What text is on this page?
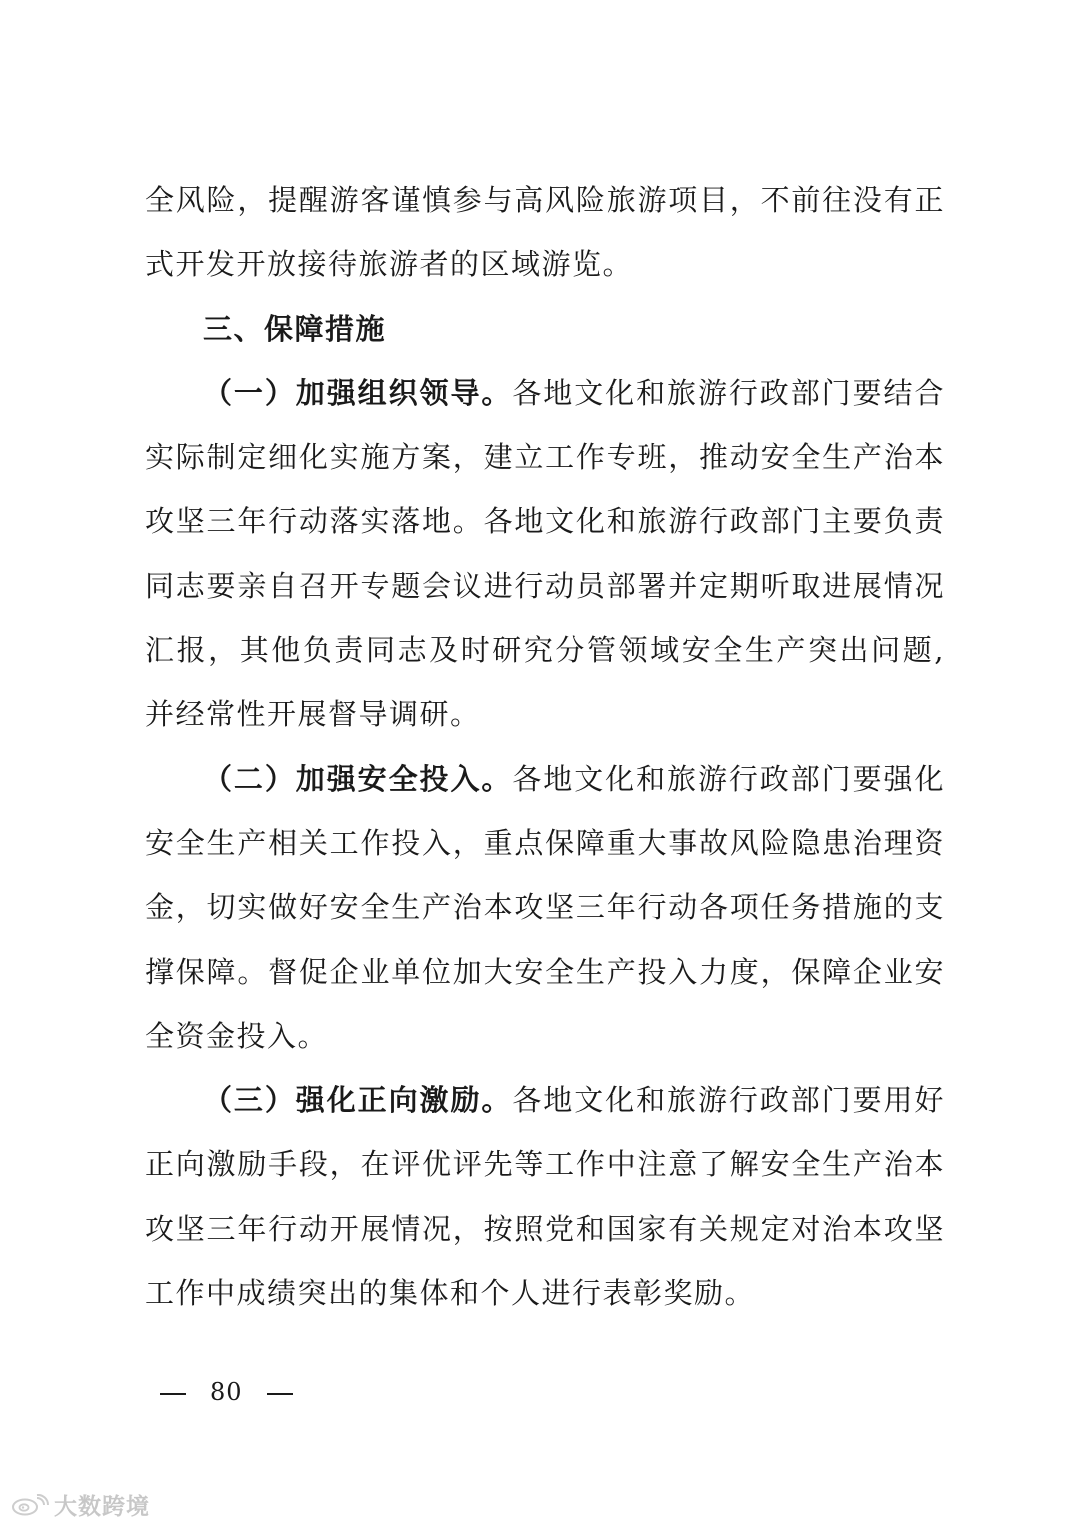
全风险，提醒游客谨慎参与高风险旅游项目，不前往没有正式开发开放接待旅游者的区域游览。

三、保障措施

（一）加强组织领导。各地文化和旅游行政部门要结合实际制定细化实施方案，建立工作专班，推动安全生产治本攻坚三年行动落实落地。各地文化和旅游行政部门主要负责同志要亲自召开专题会议进行动员部署并定期听取进展情况汇报，其他负责同志及时研究分管领域安全生产突出问题,并经常性开展督导调研。

（二）加强安全投入。各地文化和旅游行政部门要强化安全生产相关工作投入，重点保障重大事故风险隐患治理资金，切实做好安全生产治本攻坚三年行动各项任务措施的支撑保障。督促企业单位加大安全生产投入力度，保障企业安全资金投入。

（三）强化正向激励。各地文化和旅游行政部门要用好正向激励手段，在评优评先等工作中注意了解安全生产治本攻坚三年行动开展情况，按照党和国家有关规定对治本攻坚工作中成绩突出的集体和个人进行表彰奖励。

80
大数跨境
